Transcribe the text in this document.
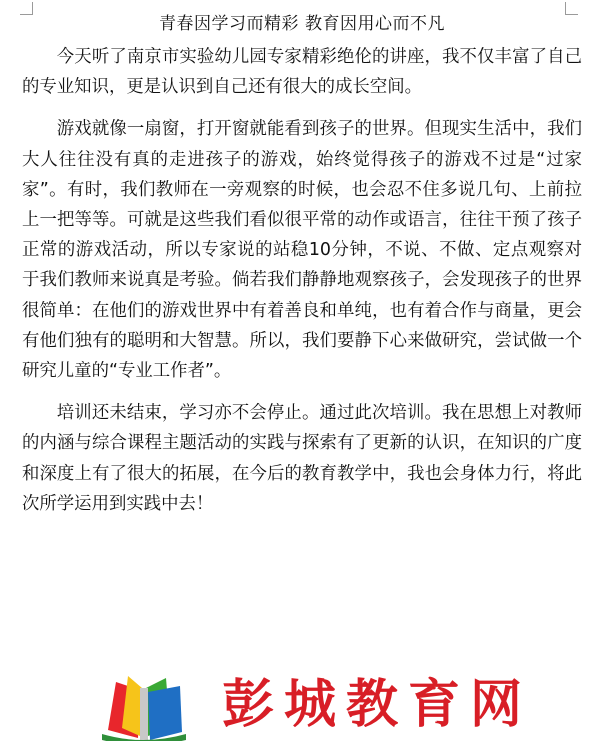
青春因学习而精彩 教育因用心而不凡

今天听了南京市实验幼儿园专家精彩绝伦的讲座，我不仅丰富了自己的专业知识，更是认识到自己还有很大的成长空间。

游戏就像一扇窗，打开窗就能看到孩子的世界。但现实生活中，我们大人往往没有真的走进孩子的游戏，始终觉得孩子的游戏不过是“过家家”。有时，我们教师在一旁观察的时候，也会忍不住多说几句、上前拉上一把等等。可就是这些我们看似很平常的动作或语言，往往干预了孩子正常的游戏活动，所以专家说的站稳10分钟，不说、不做、定点观察对于我们教师来说真是考验。倘若我们静静地观察孩子，会发现孩子的世界很简单：在他们的游戏世界中有着善良和单纯，也有着合作与商量，更会有他们独有的聪明和大智慧。所以，我们要静下心来做研究，尝试做一个研究儿童的“专业工作者”。

培训还未结束，学习亦不会停止。通过此次培训。我在思想上对教师的内涵与综合课程主题活动的实践与探索有了更新的认识，在知识的广度和深度上有了很大的拓展，在今后的教育教学中，我也会身体力行，将此次所学运用到实践中去！

彭城教育网
